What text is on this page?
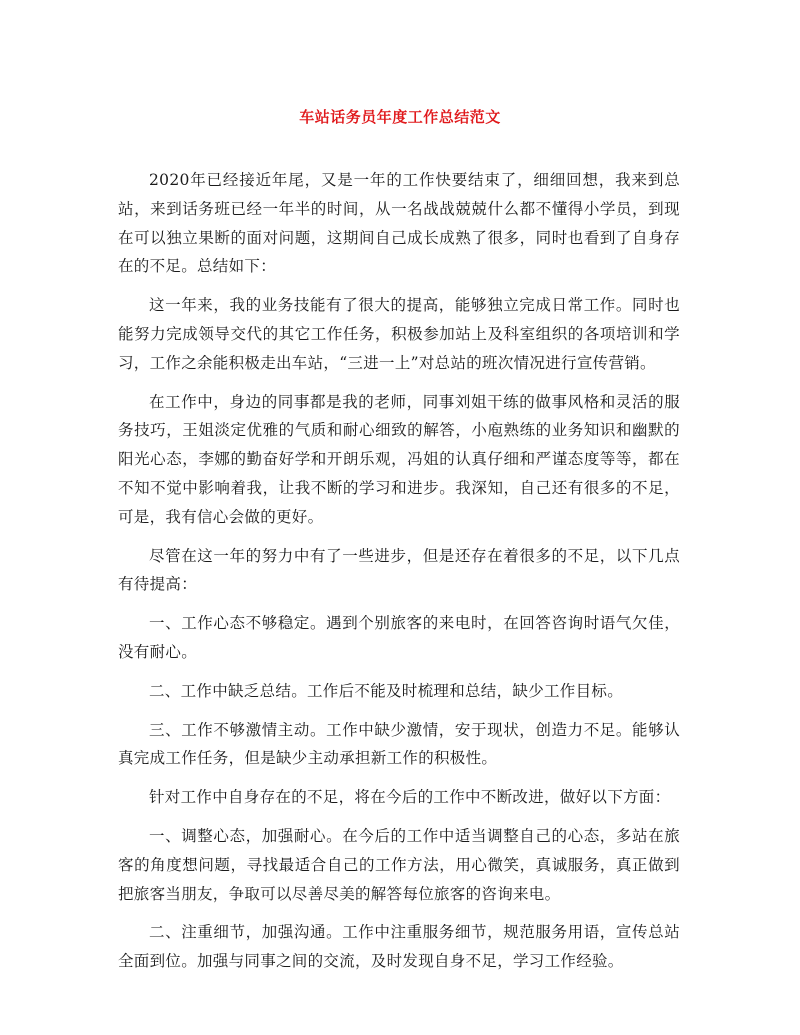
车站话务员年度工作总结范文

2020年已经接近年尾，又是一年的工作快要结束了，细细回想，我来到总站，来到话务班已经一年半的时间，从一名战战兢兢什么都不懂得小学员，到现在可以独立果断的面对问题，这期间自己成长成熟了很多，同时也看到了自身存在的不足。总结如下：

这一年来，我的业务技能有了很大的提高，能够独立完成日常工作。同时也能努力完成领导交代的其它工作任务，积极参加站上及科室组织的各项培训和学习，工作之余能积极走出车站，“三进一上”对总站的班次情况进行宣传营销。

在工作中，身边的同事都是我的老师，同事刘姐干练的做事风格和灵活的服务技巧，王姐淡定优雅的气质和耐心细致的解答，小庖熟练的业务知识和幽默的阳光心态，李娜的勤奋好学和开朗乐观，冯姐的认真仔细和严谨态度等等，都在不知不觉中影响着我，让我不断的学习和进步。我深知，自己还有很多的不足，可是，我有信心会做的更好。

尽管在这一年的努力中有了一些进步，但是还存在着很多的不足，以下几点有待提高：

一、工作心态不够稳定。遇到个别旅客的来电时，在回答咨询时语气欠佳，没有耐心。

二、工作中缺乏总结。工作后不能及时梳理和总结，缺少工作目标。

三、工作不够激情主动。工作中缺少激情，安于现状，创造力不足。能够认真完成工作任务，但是缺少主动承担新工作的积极性。

针对工作中自身存在的不足，将在今后的工作中不断改进，做好以下方面：

一、调整心态，加强耐心。在今后的工作中适当调整自己的心态，多站在旅客的角度想问题，寻找最适合自己的工作方法，用心微笑，真诚服务，真正做到把旅客当朋友，争取可以尽善尽美的解答每位旅客的咨询来电。

二、注重细节，加强沟通。工作中注重服务细节，规范服务用语，宣传总站全面到位。加强与同事之间的交流，及时发现自身不足，学习工作经验。
